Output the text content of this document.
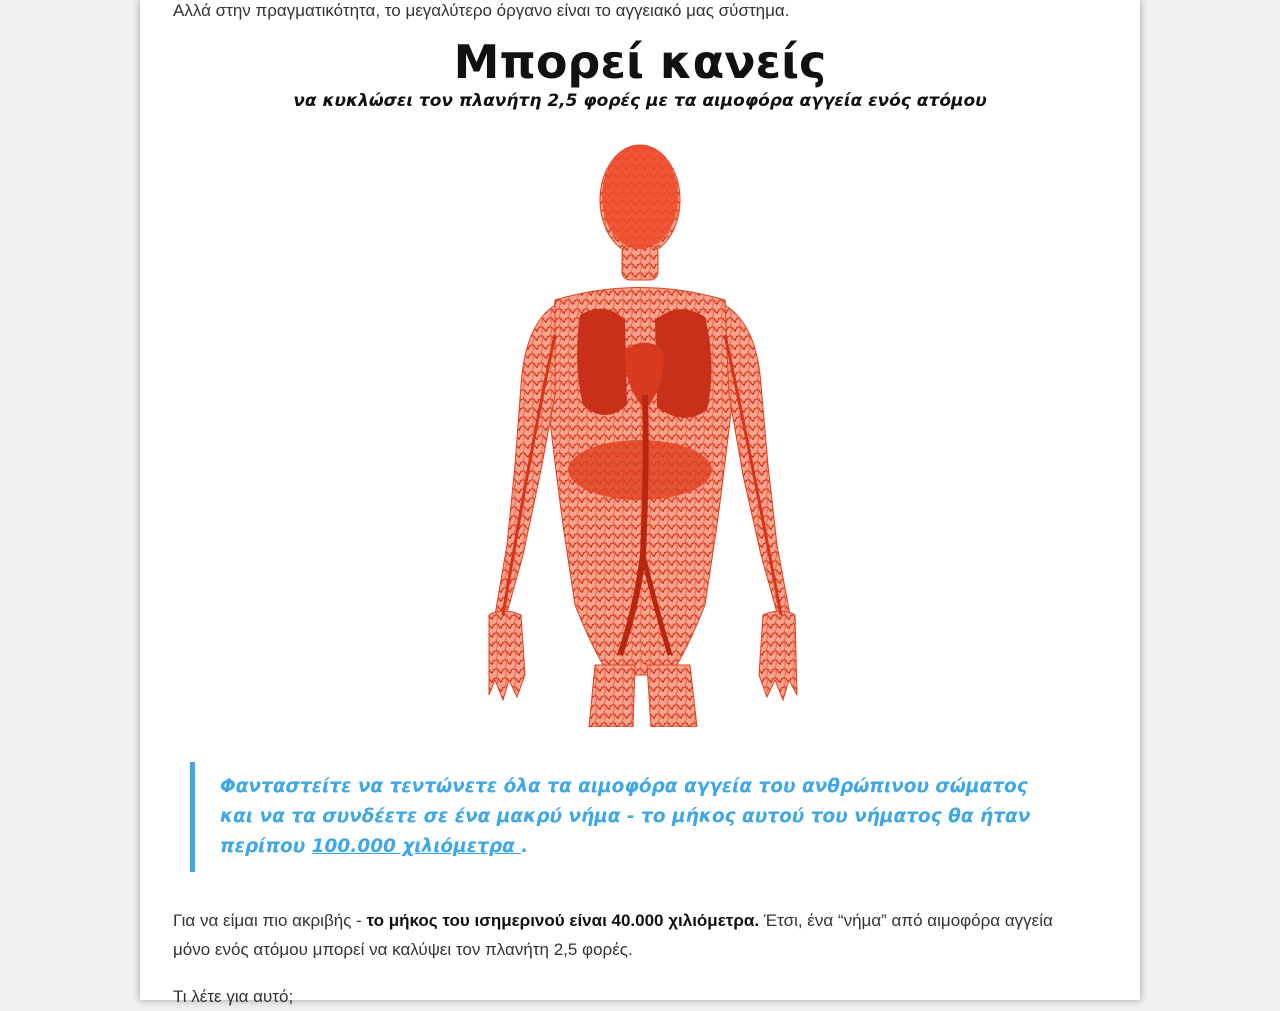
Αλλά στην πραγματικότητα, το μεγαλύτερο όργανο είναι το αγγειακό μας σύστημα.

Μπορεί κανείς

να κυκλώσει τον πλανήτη 2,5 φορές με τα αιμοφόρα αγγεία ενός ατόμου

Φανταστείτε να τεντώνετε όλα τα αιμοφόρα αγγεία του ανθρώπινου σώματος και να τα συνδέετε σε ένα μακρύ νήμα - το μήκος αυτού του νήματος θα ήταν περίπου 100.000 χιλιόμετρα .

Για να είμαι πιο ακριβής - το μήκος του ισημερινού είναι 40.000 χιλιόμετρα. Έτσι, ένα “νήμα” από αιμοφόρα αγγεία μόνο ενός ατόμου μπορεί να καλύψει τον πλανήτη 2,5 φορές.

Τι λέτε για αυτό;
